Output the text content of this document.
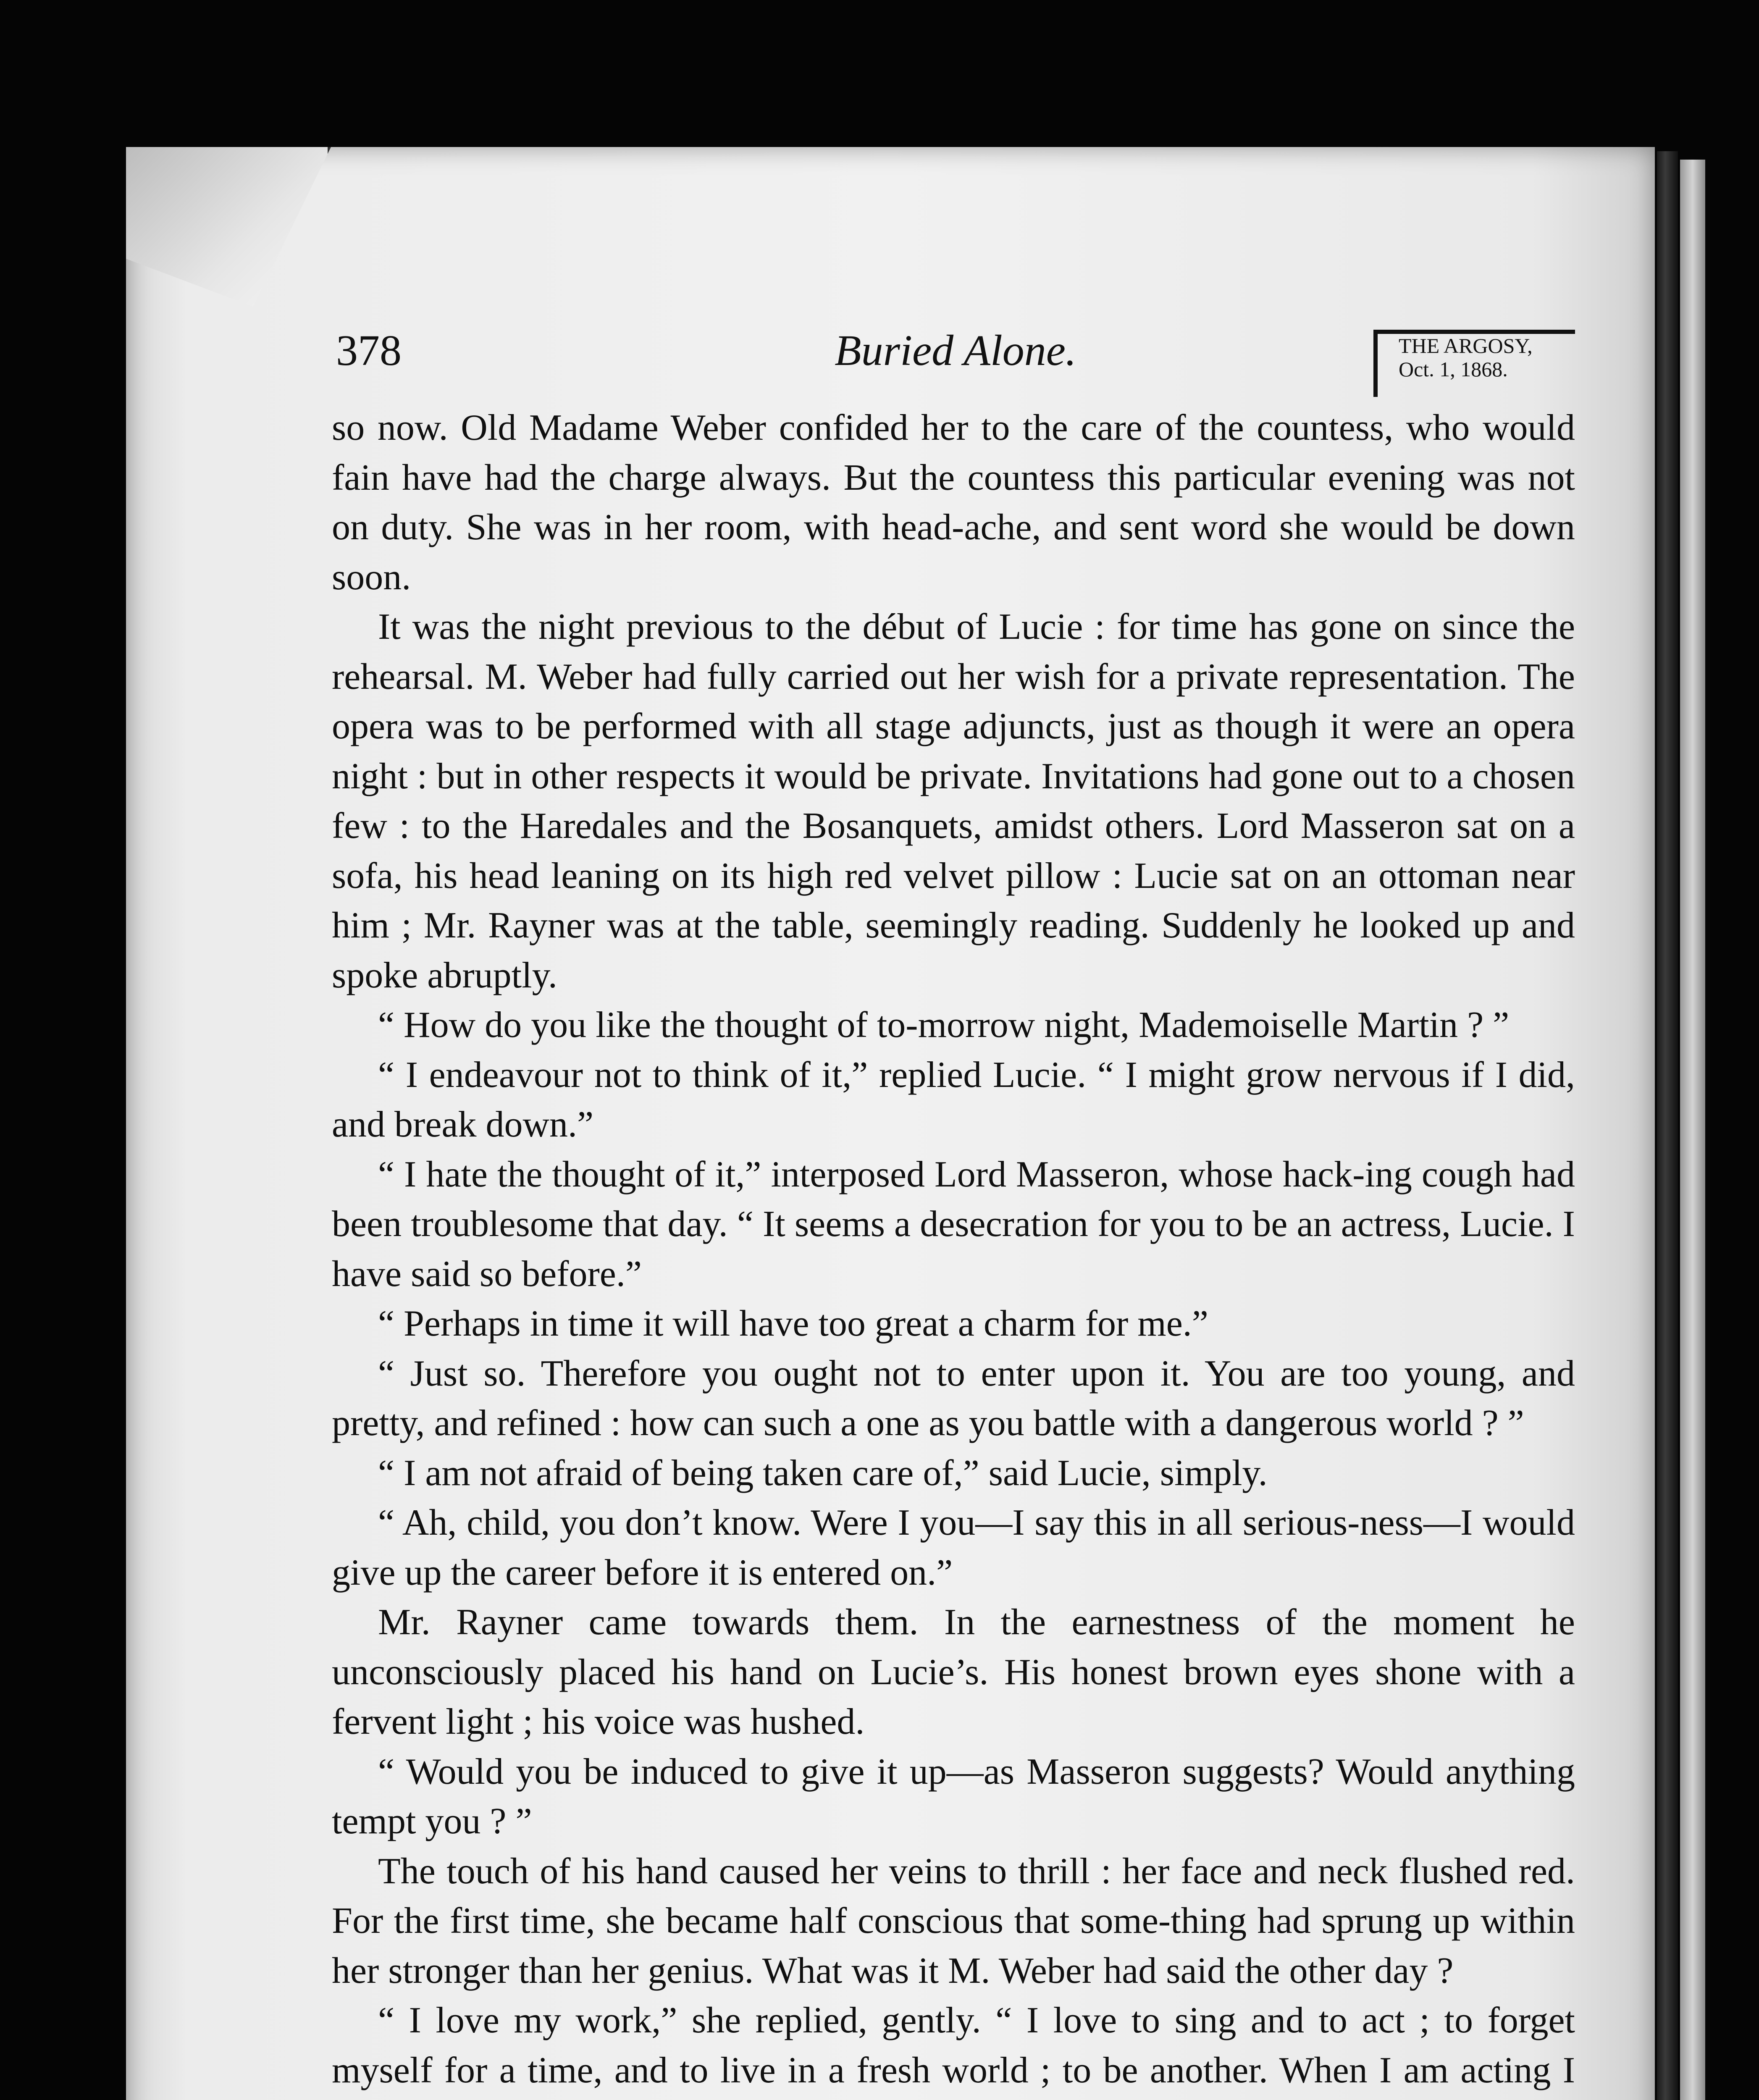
378	Buried Alone.	THE ARGOSY,
Oct. 1, 1868.

so now. Old Madame Weber confided her to the care of the countess, who would fain have had the charge always. But the countess this particular evening was not on duty. She was in her room, with head-ache, and sent word she would be down soon.

It was the night previous to the début of Lucie : for time has gone on since the rehearsal. M. Weber had fully carried out her wish for a private representation. The opera was to be performed with all stage adjuncts, just as though it were an opera night : but in other respects it would be private. Invitations had gone out to a chosen few : to the Haredales and the Bosanquets, amidst others. Lord Masseron sat on a sofa, his head leaning on its high red velvet pillow : Lucie sat on an ottoman near him ; Mr. Rayner was at the table, seemingly reading. Suddenly he looked up and spoke abruptly.

“ How do you like the thought of to-morrow night, Mademoiselle Martin ? ”

“ I endeavour not to think of it,” replied Lucie. “ I might grow nervous if I did, and break down.”

“ I hate the thought of it,” interposed Lord Masseron, whose hack-ing cough had been troublesome that day. “ It seems a desecration for you to be an actress, Lucie. I have said so before.”

“ Perhaps in time it will have too great a charm for me.”

“ Just so. Therefore you ought not to enter upon it. You are too young, and pretty, and refined : how can such a one as you battle with a dangerous world ? ”

“ I am not afraid of being taken care of,” said Lucie, simply.

“ Ah, child, you don’t know. Were I you—I say this in all serious-ness—I would give up the career before it is entered on.”

Mr. Rayner came towards them. In the earnestness of the moment he unconsciously placed his hand on Lucie’s. His honest brown eyes shone with a fervent light ; his voice was hushed.

“ Would you be induced to give it up—as Masseron suggests? Would anything tempt you ? ”

The touch of his hand caused her veins to thrill : her face and neck flushed red. For the first time, she became half conscious that some-thing had sprung up within her stronger than her genius. What was it M. Weber had said the other day ?

“ I love my work,” she replied, gently. “ I love to sing and to act ; to forget myself for a time, and to live in a fresh world ; to be another. When I am acting I
